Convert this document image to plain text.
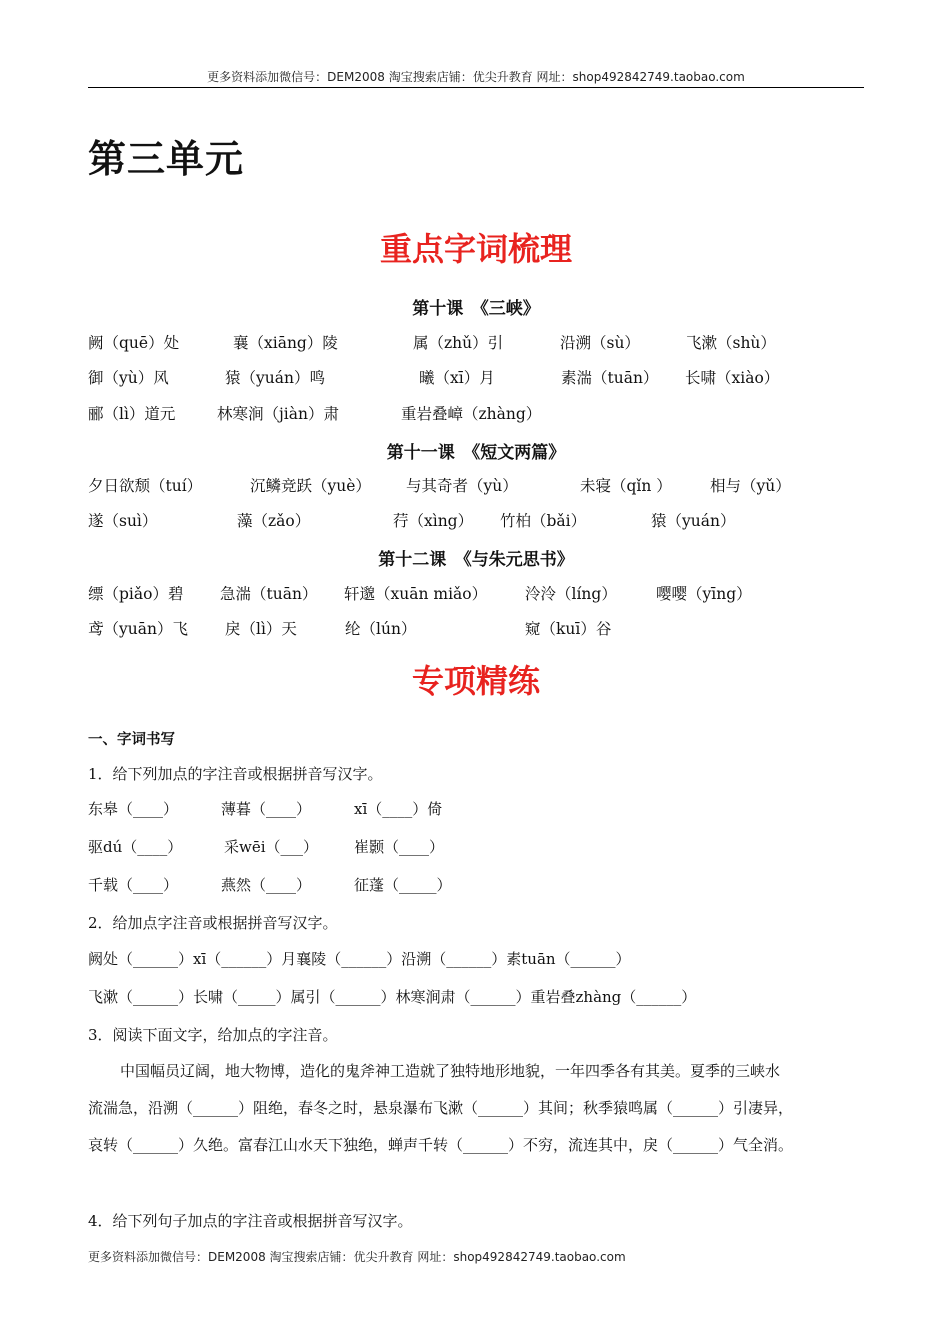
更多资料添加微信号：DEM2008 淘宝搜索店铺：优尖升教育 网址：shop492842749.taobao.com
第三单元
重点字词梳理
第十课　《三峡》
阙（quē）处	襄（xiāng）陵	属（zhǔ）引	沿溯（sù）	飞漱（shù）
御（yù）风	猿（yuán）鸣	曦（xī）月	素湍（tuān） 长啸（xiào）
郦（lì）道元	林寒涧（jiàn）肃	重岩叠嶂（zhàng）
第十一课　《短文两篇》
夕日欲颓（tuí）	沉鳞竞跃（yuè） 与其奇者（yù）	未寝（qǐn ） 相与（yǔ）
遂（suì）	藻（zǎo）	荇（xìng） 竹柏（bǎi）	猿（yuán）
第十二课　《与朱元思书》
缥（piǎo）碧 急湍（tuān） 轩邈（xuān miǎo） 泠泠（líng）	嘤嘤（yīng）
鸢（yuān）飞 戾（lì）天	纶（lún）	窥（kuī）谷
专项精练
一、字词书写
1．给下列加点的字注音或根据拼音写汉字。
东皋（____）	薄暮（____）	xī（____）倚
驱dú（____）	采wēi（___） 崔颢（____）
千载（____）	燕然（____）	征蓬（_____）
2．给加点字注音或根据拼音写汉字。
阙处（______）xī（______）月襄陵（______）沿溯（______）素tuān（______）
飞漱（______）长啸（_____）属引（______）林寒涧肃（______）重岩叠zhàng（______）
3．阅读下面文字，给加点的字注音。
中国幅员辽阔，地大物博，造化的鬼斧神工造就了独特地形地貌，一年四季各有其美。夏季的三峡水
流湍急，沿溯（______）阻绝，春冬之时，悬泉瀑布飞漱（______）其间；秋季猿鸣属（______）引凄异，
哀转（______）久绝。富春江山水天下独绝，蝉声千转（______）不穷，流连其中，戾（______）气全消。
4．给下列句子加点的字注音或根据拼音写汉字。
更多资料添加微信号：DEM2008 淘宝搜索店铺：优尖升教育 网址：shop492842749.taobao.com
